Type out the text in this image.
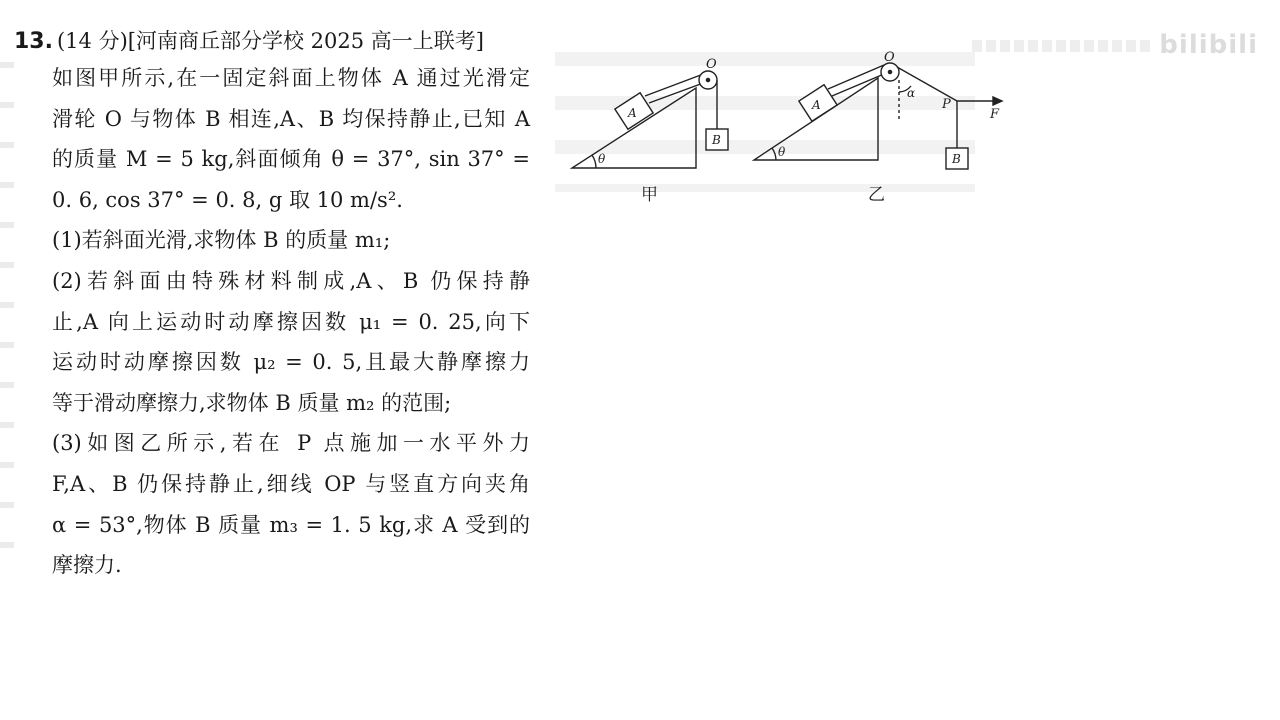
bilibili
13. (14 分)[河南商丘部分学校 2025 高一上联考]
如图甲所示,在一固定斜面上物体 A 通过光滑定
滑轮 O 与物体 B 相连,A、B 均保持静止,已知 A
的质量 M = 5 kg,斜面倾角 θ = 37°, sin 37° =
0. 6, cos 37° = 0. 8, g 取 10 m/s².
(1)若斜面光滑,求物体 B 的质量 m₁;
(2)若斜面由特殊材料制成,A、B 仍保持静
止,A 向上运动时动摩擦因数 μ₁ = 0. 25,向下
运动时动摩擦因数 μ₂ = 0. 5,且最大静摩擦力
等于滑动摩擦力,求物体 B 质量 m₂ 的范围;
(3)如图乙所示,若在 P 点施加一水平外力
F,A、B 仍保持静止,细线 OP 与竖直方向夹角
α = 53°,物体 B 质量 m₃ = 1. 5 kg,求 A 受到的
摩擦力.
A
B
O
θ
甲
A
B
O
P
F
α
θ
乙
